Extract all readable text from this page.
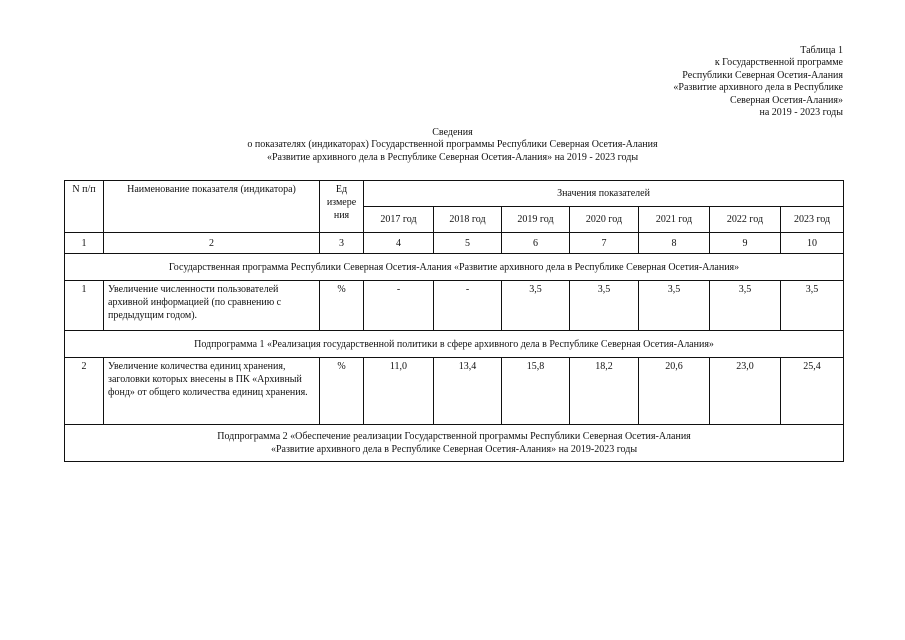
Таблица 1
к Государственной программе
Республики Северная Осетия-Алания
«Развитие архивного дела в Республике
Северная Осетия-Алания»
на 2019 - 2023 годы
Сведения
о показателях (индикаторах) Государственной программы Республики Северная Осетия-Алания
«Развитие архивного дела в Республике Северная Осетия-Алания» на 2019 - 2023 годы
N п/п	Наименование показателя (индикатора)	Ед измере ния	Значения показателей						
			2017 год	2018 год	2019 год	2020 год	2021 год	2022 год	2023 год
1	2	3	4	5	6	7	8	9	10
Государственная программа Республики Северная Осетия-Алания «Развитие архивного дела в Республике Северная Осетия-Алания»									
1	Увеличение численности пользователей архивной информацией (по сравнению с предыдущим годом).	%	-	-	3,5	3,5	3,5	3,5	3,5
Подпрограмма 1 «Реализация государственной политики в сфере архивного дела в Республике Северная Осетия-Алания»									
2	Увеличение количества единиц хранения, заголовки которых внесены в ПК «Архивный фонд» от общего количества единиц хранения.	%	11,0	13,4	15,8	18,2	20,6	23,0	25,4

Подпрограмма 2 «Обеспечение реализации Государственной программы Республики Северная Осетия-Алания
«Развитие архивного дела в Республике Северная Осетия-Алания» на 2019-2023 годы									
